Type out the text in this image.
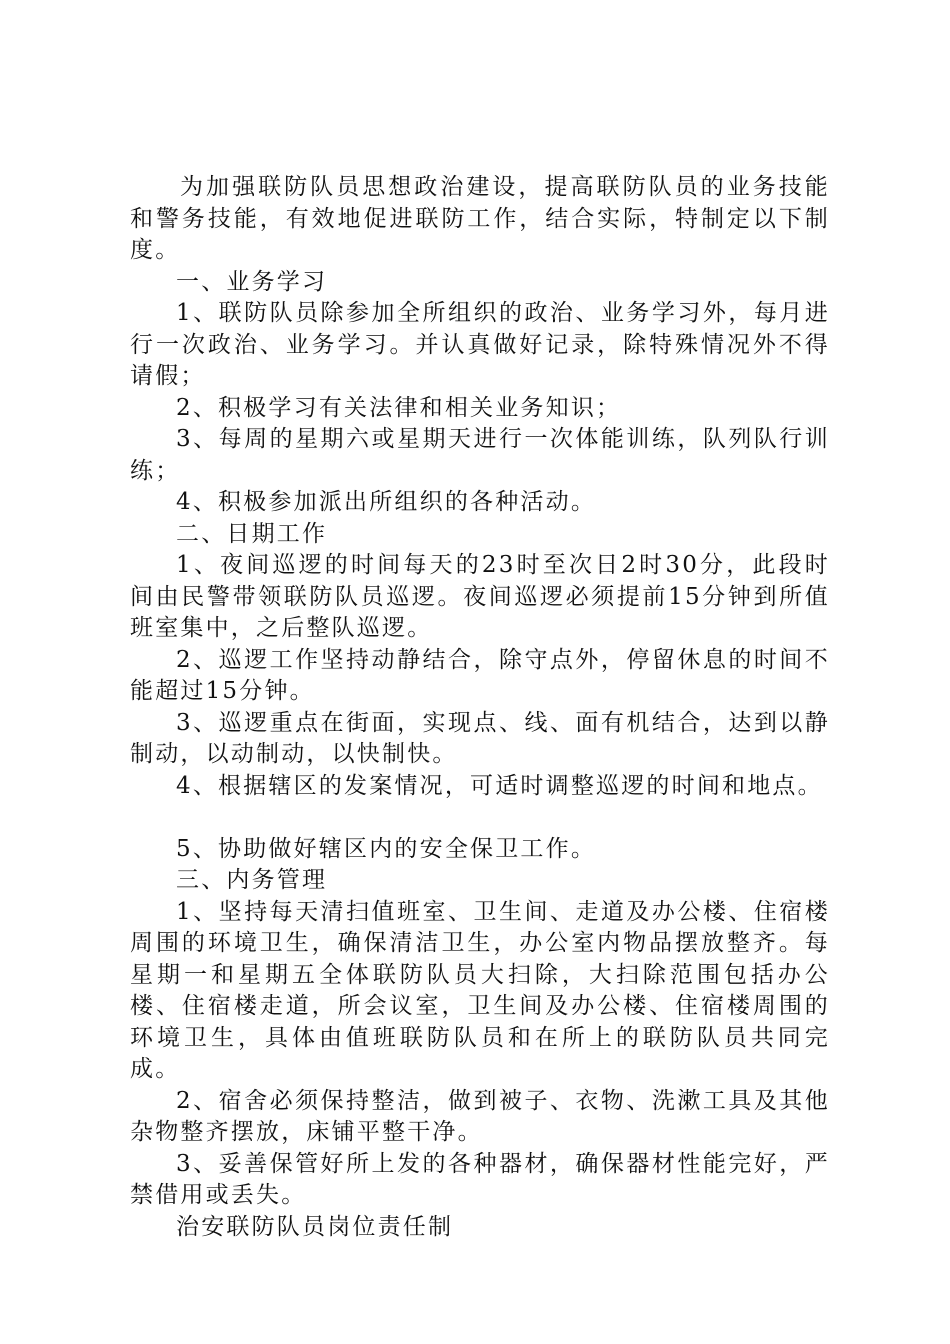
为加强联防队员思想政治建设，提高联防队员的业务技能和警务技能，有效地促进联防工作，结合实际，特制定以下制度。

一、业务学习

1、联防队员除参加全所组织的政治、业务学习外，每月进行一次政治、业务学习。并认真做好记录，除特殊情况外不得请假；

2、积极学习有关法律和相关业务知识；

3、每周的星期六或星期天进行一次体能训练，队列队行训练；

4、积极参加派出所组织的各种活动。

二、日期工作

1、夜间巡逻的时间每天的23时至次日2时30分，此段时间由民警带领联防队员巡逻。夜间巡逻必须提前15分钟到所值班室集中，之后整队巡逻。

2、巡逻工作坚持动静结合，除守点外，停留休息的时间不能超过15分钟。

3、巡逻重点在街面，实现点、线、面有机结合，达到以静制动，以动制动，以快制快。

4、根据辖区的发案情况，可适时调整巡逻的时间和地点。

5、协助做好辖区内的安全保卫工作。

三、内务管理

1、坚持每天清扫值班室、卫生间、走道及办公楼、住宿楼周围的环境卫生，确保清洁卫生，办公室内物品摆放整齐。每星期一和星期五全体联防队员大扫除，大扫除范围包括办公楼、住宿楼走道，所会议室，卫生间及办公楼、住宿楼周围的环境卫生，具体由值班联防队员和在所上的联防队员共同完成。

2、宿舍必须保持整洁，做到被子、衣物、洗漱工具及其他杂物整齐摆放，床铺平整干净。

3、妥善保管好所上发的各种器材，确保器材性能完好，严禁借用或丢失。

治安联防队员岗位责任制
